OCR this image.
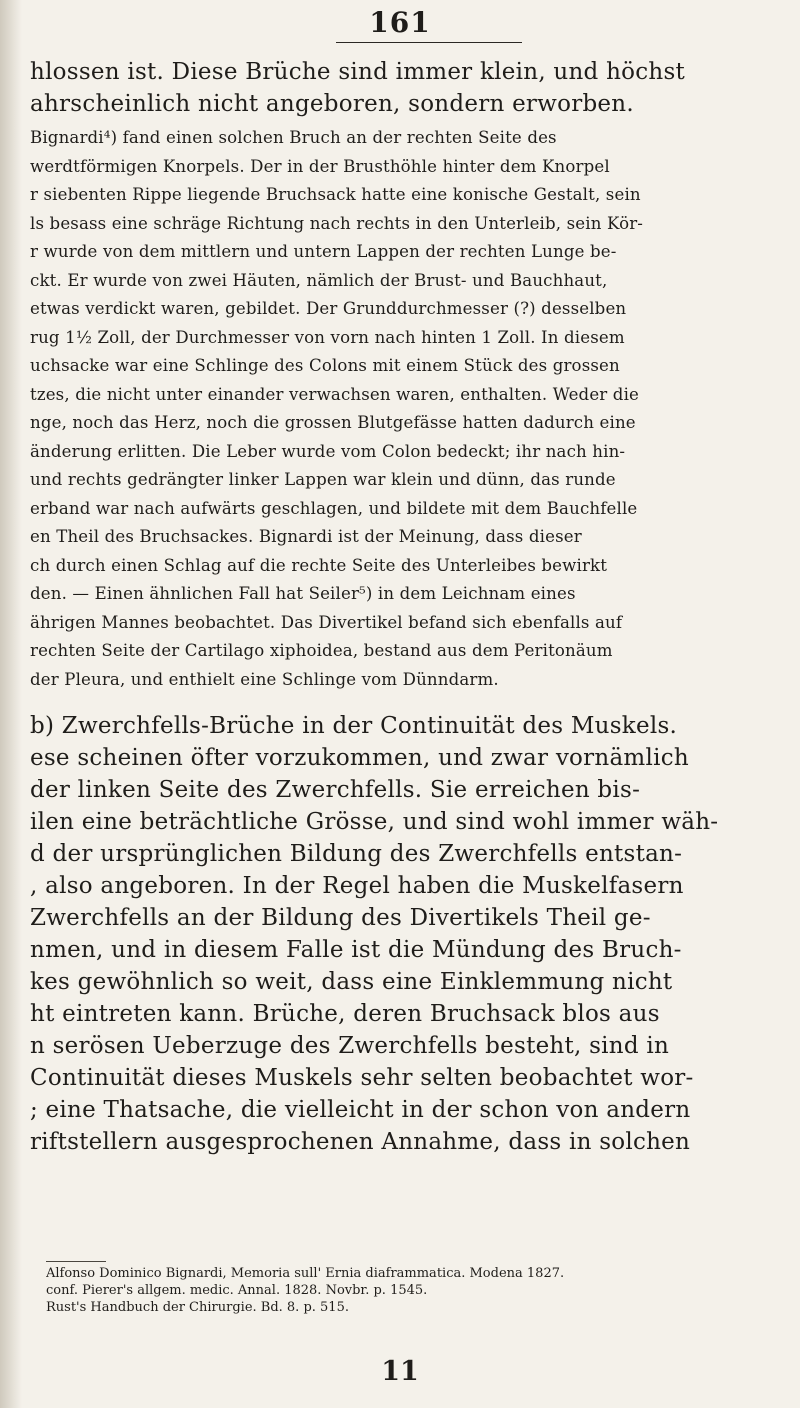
161
hlossen ist. Diese Brüche sind immer klein, und höchst
ahrscheinlich nicht angeboren, sondern erworben.
Bignardi⁴) fand einen solchen Bruch an der rechten Seite des
werdtförmigen Knorpels. Der in der Brusthöhle hinter dem Knorpel
r siebenten Rippe liegende Bruchsack hatte eine konische Gestalt, sein
ls besass eine schräge Richtung nach rechts in den Unterleib, sein Kör-
r wurde von dem mittlern und untern Lappen der rechten Lunge be-
ckt. Er wurde von zwei Häuten, nämlich der Brust- und Bauchhaut,
etwas verdickt waren, gebildet. Der Grunddurchmesser (?) desselben
rug 1½ Zoll, der Durchmesser von vorn nach hinten 1 Zoll. In diesem
uchsacke war eine Schlinge des Colons mit einem Stück des grossen
tzes, die nicht unter einander verwachsen waren, enthalten. Weder die
nge, noch das Herz, noch die grossen Blutgefässe hatten dadurch eine
änderung erlitten. Die Leber wurde vom Colon bedeckt; ihr nach hin-
und rechts gedrängter linker Lappen war klein und dünn, das runde
erband war nach aufwärts geschlagen, und bildete mit dem Bauchfelle
en Theil des Bruchsackes. Bignardi ist der Meinung, dass dieser
ch durch einen Schlag auf die rechte Seite des Unterleibes bewirkt
den. — Einen ähnlichen Fall hat Seiler⁵) in dem Leichnam eines
ährigen Mannes beobachtet. Das Divertikel befand sich ebenfalls auf
rechten Seite der Cartilago xiphoidea, bestand aus dem Peritonäum
der Pleura, und enthielt eine Schlinge vom Dünndarm.
b) Zwerchfells-Brüche in der Continuität des Muskels.
ese scheinen öfter vorzukommen, und zwar vornämlich
der linken Seite des Zwerchfells. Sie erreichen bis-
ilen eine beträchtliche Grösse, und sind wohl immer wäh-
d der ursprünglichen Bildung des Zwerchfells entstan-
, also angeboren. In der Regel haben die Muskelfasern
Zwerchfells an der Bildung des Divertikels Theil ge-
nmen, und in diesem Falle ist die Mündung des Bruch-
kes gewöhnlich so weit, dass eine Einklemmung nicht
ht eintreten kann. Brüche, deren Bruchsack blos aus
n serösen Ueberzuge des Zwerchfells besteht, sind in
Continuität dieses Muskels sehr selten beobachtet wor-
; eine Thatsache, die vielleicht in der schon von andern
riftstellern ausgesprochenen Annahme, dass in solchen
Alfonso Dominico Bignardi, Memoria sull' Ernia diaframmatica. Modena 1827.
conf. Pierer's allgem. medic. Annal. 1828. Novbr. p. 1545.
Rust's Handbuch der Chirurgie. Bd. 8. p. 515.
11
